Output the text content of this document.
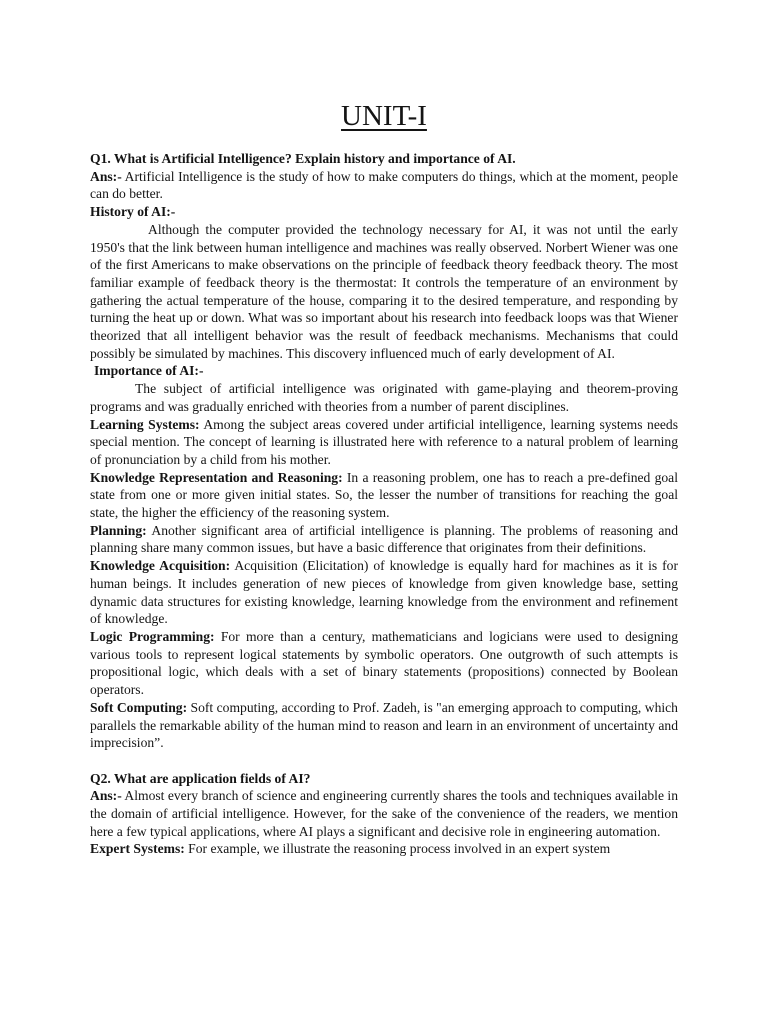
UNIT-I

Q1. What is Artificial Intelligence? Explain history and importance of AI.

Ans:- Artificial Intelligence is the study of how to make computers do things, which at the moment, people can do better.

History of AI:-

Although the computer provided the technology necessary for AI, it was not until the early 1950's that the link between human intelligence and machines was really observed. Norbert Wiener was one of the first Americans to make observations on the principle of feedback theory feedback theory. The most familiar example of feedback theory is the thermostat: It controls the temperature of an environment by gathering the actual temperature of the house, comparing it to the desired temperature, and responding by turning the heat up or down. What was so important about his research into feedback loops was that Wiener theorized that all intelligent behavior was the result of feedback mechanisms. Mechanisms that could possibly be simulated by machines. This discovery influenced much of early development of AI.

Importance of AI:-

The subject of artificial intelligence was originated with game-playing and theorem-proving programs and was gradually enriched with theories from a number of parent disciplines.

Learning Systems: Among the subject areas covered under artificial intelligence, learning systems needs special mention. The concept of learning is illustrated here with reference to a natural problem of learning of pronunciation by a child from his mother.

Knowledge Representation and Reasoning: In a reasoning problem, one has to reach a pre-defined goal state from one or more given initial states. So, the lesser the number of transitions for reaching the goal state, the higher the efficiency of the reasoning system.

Planning: Another significant area of artificial intelligence is planning. The problems of reasoning and planning share many common issues, but have a basic difference that originates from their definitions.

Knowledge Acquisition: Acquisition (Elicitation) of knowledge is equally hard for machines as it is for human beings. It includes generation of new pieces of knowledge from given knowledge base, setting dynamic data structures for existing knowledge, learning knowledge from the environment and refinement of knowledge.

Logic Programming: For more than a century, mathematicians and logicians were used to designing various tools to represent logical statements by symbolic operators. One outgrowth of such attempts is propositional logic, which deals with a set of binary statements (propositions) connected by Boolean operators.

Soft Computing: Soft computing, according to Prof. Zadeh, is "an emerging approach to computing, which parallels the remarkable ability of the human mind to reason and learn in an environment of uncertainty and imprecision”.

Q2. What are application fields of AI?

Ans:- Almost every branch of science and engineering currently shares the tools and techniques available in the domain of artificial intelligence. However, for the sake of the convenience of the readers, we mention here a few typical applications, where AI plays a significant and decisive role in engineering automation.

Expert Systems: For example, we illustrate the reasoning process involved in an expert system
